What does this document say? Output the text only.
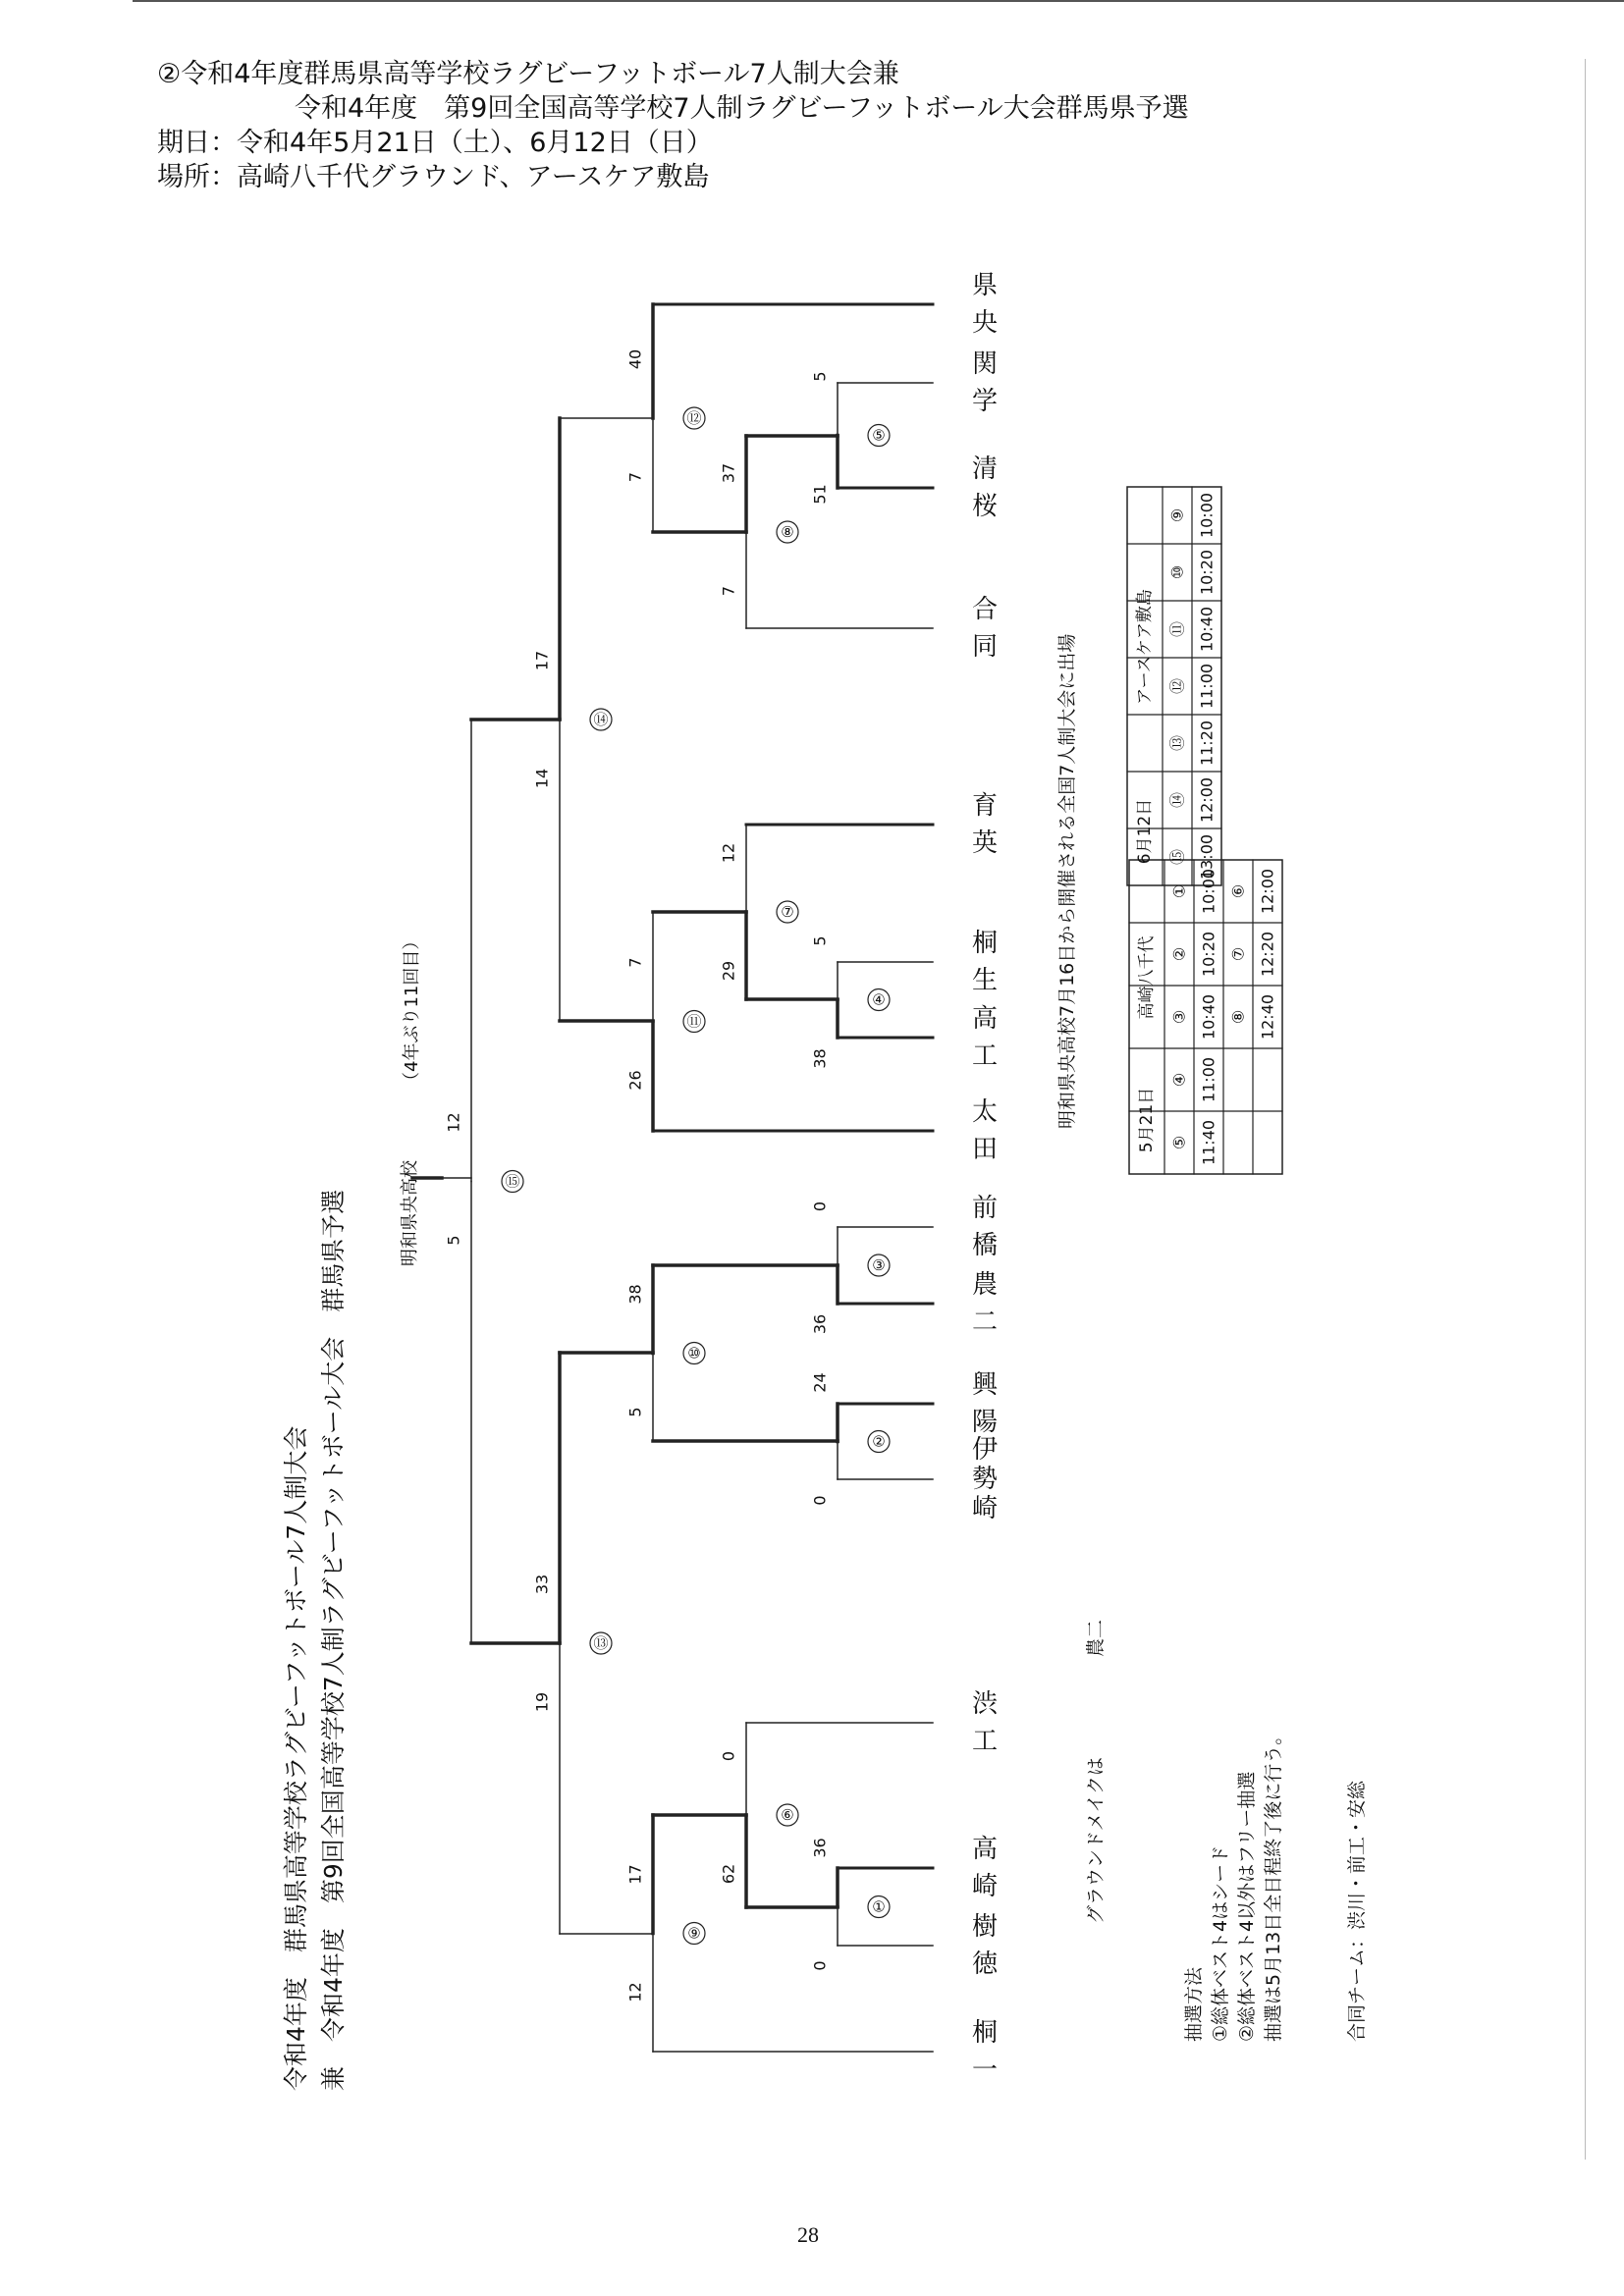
②令和4年度群馬県高等学校ラグビーフットボール7人制大会兼
令和4年度　第9回全国高等学校7人制ラグビーフットボール大会群馬県予選
期日：令和4年5月21日（土）、6月12日（日）
場所：高崎八千代グラウンド、アースケア敷島
令和4年度　群馬県高等学校ラグビーフットボール7人制大会 兼　令和4年度　第9回全国高等学校7人制ラグビーフットボール大会　群馬県予選	明和県央高校
（4年ぶり11回目）	明和県央高校7月16日から開催される全国7人制大会に出場
グラウンドメイクは
農二
抽選方法 ①総体ベスト4はシード ②総体ベスト4以外はフリー抽選 抽選は5月13日全日程終了後に行う。	合同チーム：渋川・前工・安総
桐一
樹徳
高崎
渋工
伊勢崎
興陽
農二
前橋
太田
高工
桐生
育英
合同
清桜
関学
県央
0
36
①
0
24
②
36
0
③
38
5
④
51
5
⑤
62
0
⑥
29
12
⑦
7
37
⑧
12
17
⑨
5
38
⑩
26
7
⑪
7
40
⑫
19
33
⑬
14
17
⑭
5
12
⑮
5月21日
高崎八千代
⑤ 11:40
④ 11:00
③ 10:40 ⑧ 12:40
② 10:20 ⑦ 12:20
① 10:00 ⑥ 12:00
6月12日
アースケア敷島
⑮ 13:00
⑭ 12:00
⑬ 11:20
⑫ 11:00
⑪ 10:40
⑩ 10:20
⑨ 10:00
28
